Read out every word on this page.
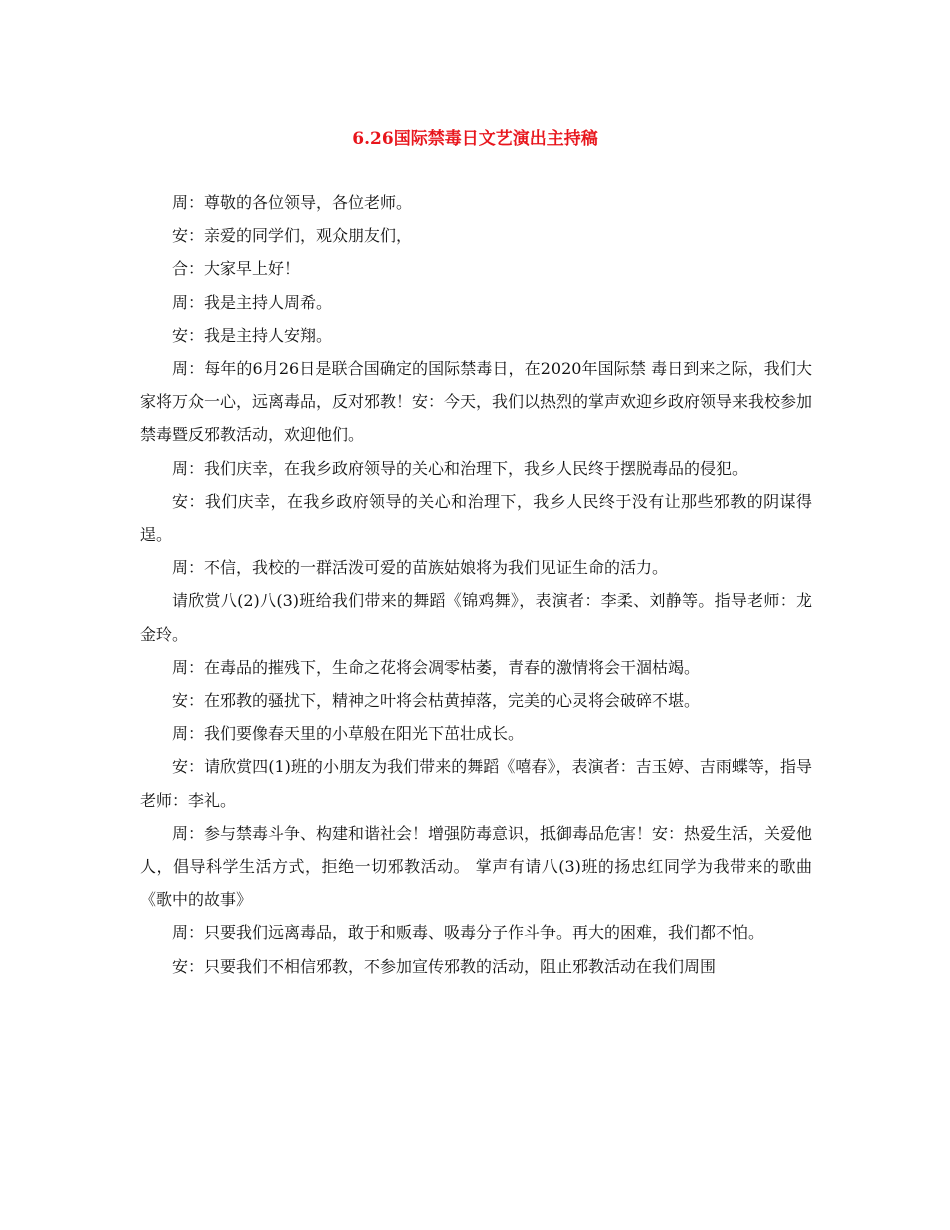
6.26国际禁毒日文艺演出主持稿

周：尊敬的各位领导，各位老师。

安：亲爱的同学们，观众朋友们，

合：大家早上好！

周：我是主持人周希。

安：我是主持人安翔。

周：每年的6月26日是联合国确定的国际禁毒日，在2020年国际禁 毒日到来之际，我们大家将万众一心，远离毒品，反对邪教！安：今天，我们以热烈的掌声欢迎乡政府领导来我校参加禁毒暨反邪教活动，欢迎他们。

周：我们庆幸，在我乡政府领导的关心和治理下，我乡人民终于摆脱毒品的侵犯。

安：我们庆幸，在我乡政府领导的关心和治理下，我乡人民终于没有让那些邪教的阴谋得逞。

周：不信，我校的一群活泼可爱的苗族姑娘将为我们见证生命的活力。

请欣赏八(2)八(3)班给我们带来的舞蹈《锦鸡舞》，表演者：李柔、刘静等。指导老师：龙金玲。

周：在毒品的摧残下，生命之花将会凋零枯萎，青春的激情将会干涸枯竭。

安：在邪教的骚扰下，精神之叶将会枯黄掉落，完美的心灵将会破碎不堪。

周：我们要像春天里的小草般在阳光下茁壮成长。

安：请欣赏四(1)班的小朋友为我们带来的舞蹈《嘻春》，表演者：吉玉婷、吉雨蝶等，指导老师：李礼。

周：参与禁毒斗争、构建和谐社会！增强防毒意识，抵御毒品危害！安：热爱生活，关爱他人，倡导科学生活方式，拒绝一切邪教活动。 掌声有请八(3)班的扬忠红同学为我带来的歌曲《歌中的故事》

周：只要我们远离毒品，敢于和贩毒、吸毒分子作斗争。再大的困难，我们都不怕。

安：只要我们不相信邪教，不参加宣传邪教的活动，阻止邪教活动在我们周围
